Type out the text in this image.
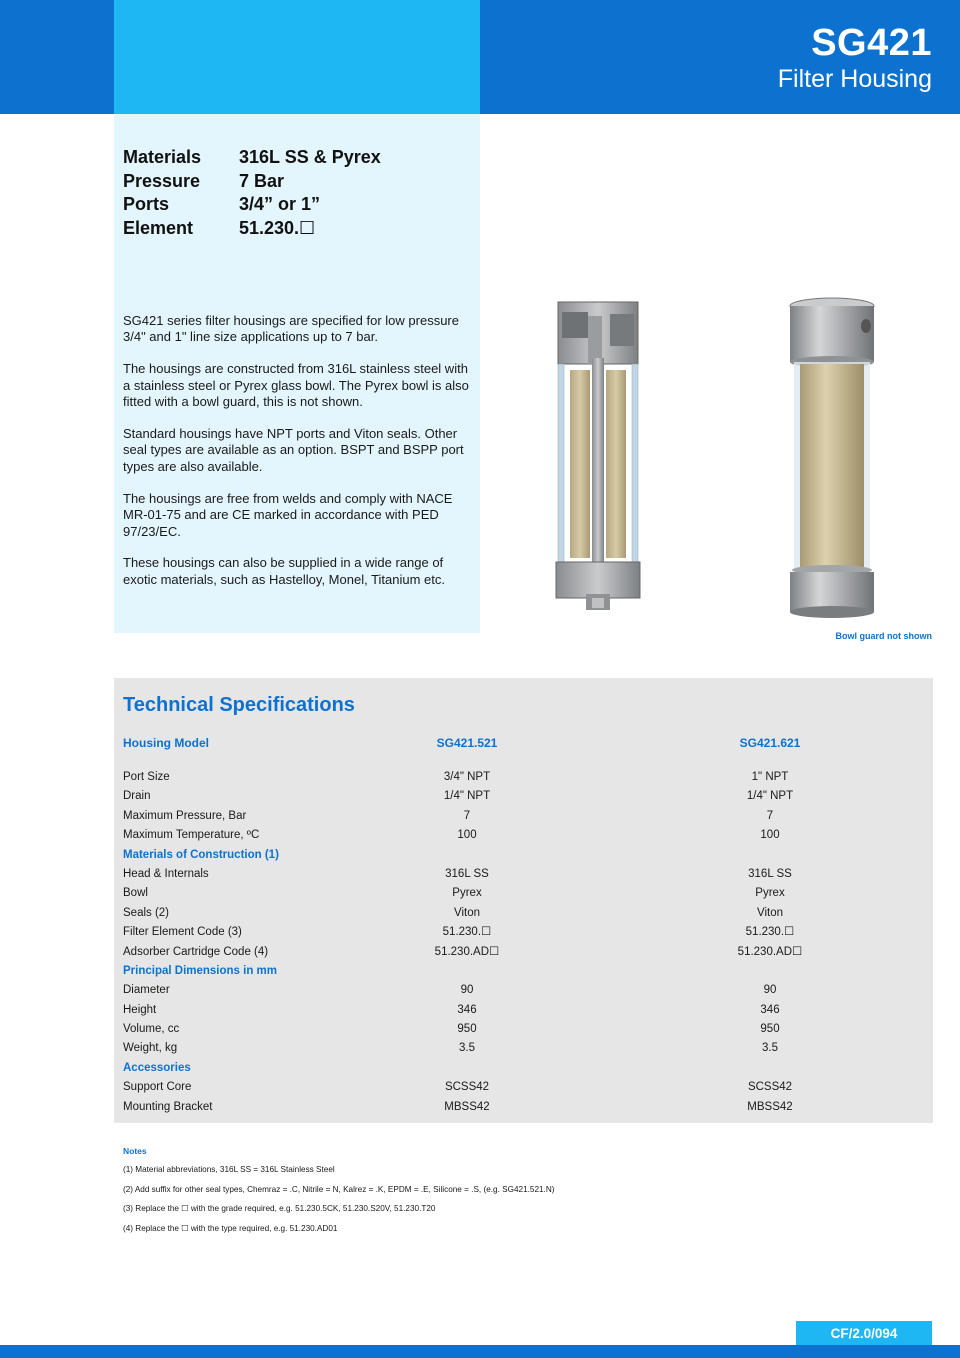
SG421
Filter Housing
Materials	316L SS & Pyrex
Pressure	7 Bar
Ports	3/4” or 1”
Element	51.230.☐

SG421 series filter housings are specified for low pressure 3/4" and 1" line size applications up to 7 bar.

The housings are constructed from 316L stainless steel with a stainless steel or Pyrex glass bowl. The Pyrex bowl is also fitted with a bowl guard, this is not shown.

Standard housings have NPT ports and Viton seals. Other seal types are available as an option. BSPT and BSPP port types are also available.

The housings are free from welds and comply with NACE MR-01-75 and are CE marked in accordance with PED 97/23/EC.

These housings can also be supplied in a wide range of exotic materials, such as Hastelloy, Monel, Titanium etc.

Bowl guard not shown
Technical Specifications
Housing Model	SG421.521	SG421.621
Port Size	3/4" NPT	1" NPT
Drain	1/4" NPT	1/4" NPT
Maximum Pressure, Bar	7	7
Maximum Temperature, ºC	100	100
Materials of Construction (1)
Head & Internals	316L SS	316L SS
Bowl	Pyrex	Pyrex
Seals (2)	Viton	Viton
Filter Element Code (3)	51.230.☐	51.230.☐
Adsorber Cartridge Code (4)	51.230.AD☐	51.230.AD☐
Principal Dimensions in mm
Diameter	90	90
Height	346	346
Volume, cc	950	950
Weight, kg	3.5	3.5
Accessories
Support Core	SCSS42	SCSS42
Mounting Bracket	MBSS42	MBSS42
Notes
(1) Material abbreviations, 316L SS = 316L Stainless Steel
(2) Add suffix for other seal types, Chemraz = .C, Nitrile = N, Kalrez = .K, EPDM = .E, Silicone = .S, (e.g. SG421.521.N)
(3) Replace the ☐ with the grade required, e.g. 51.230.5CK, 51.230.S20V, 51.230.T20
(4) Replace the ☐ with the type required, e.g. 51.230.AD01
CF/2.0/094
